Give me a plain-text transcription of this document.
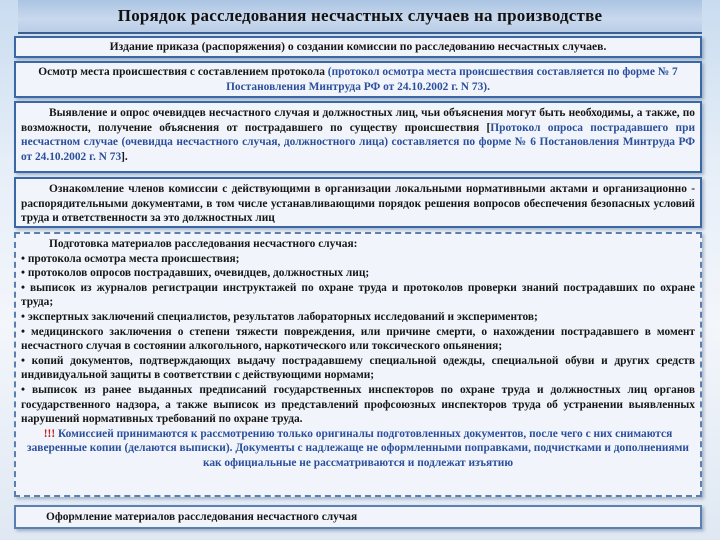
Порядок расследования несчастных случаев на производстве
Издание приказа (распоряжения) о создании комиссии по расследованию несчастных случаев.
Осмотр места происшествия с составлением протокола (протокол осмотра места происшествия составляется по форме № 7 Постановления Минтруда РФ от 24.10.2002 г. N 73).
Выявление и опрос очевидцев несчастного случая и должностных лиц, чьи объяснения могут быть необходимы, а также, по возможности, получение объяснения от пострадавшего по существу происшествия [Протокол опроса пострадавшего при несчастном случае (очевидца несчастного случая, должностного лица) составляется по форме № 6 Постановления Минтруда РФ от 24.10.2002 г. N 73].
Ознакомление членов комиссии с действующими в организации локальными нормативными актами и организационно - распорядительными документами, в том числе устанавливающими порядок решения вопросов обеспечения безопасных условий труда и ответственности за это должностных лиц

Подготовка материалов расследования несчастного случая:

• протокола осмотра места происшествия;

• протоколов опросов пострадавших, очевидцев, должностных лиц;

• выписок из журналов регистрации инструктажей по охране труда и протоколов проверки знаний пострадавших по охране труда;

• экспертных заключений специалистов, результатов лабораторных исследований и экспериментов;

• медицинского заключения о степени тяжести повреждения, или причине смерти, о нахождении пострадавшего в момент несчастного случая в состоянии алкогольного, наркотического или токсического опьянения;

• копий документов, подтверждающих выдачу пострадавшему специальной одежды, специальной обуви и других средств индивидуальной защиты в соответствии с действующими нормами;

• выписок из ранее выданных предписаний государственных инспекторов по охране труда и должностных лиц органов государственного надзора, а также выписок из представлений профсоюзных инспекторов труда об устранении выявленных нарушений нормативных требований по охране труда.

!!! Комиссией принимаются к рассмотрению только оригиналы подготовленных документов, после чего с них снимаются заверенные копии (делаются выписки). Документы с надлежаще не оформленными поправками, подчистками и дополнениями как официальные не рассматриваются и подлежат изъятию

Оформление материалов расследования несчастного случая
